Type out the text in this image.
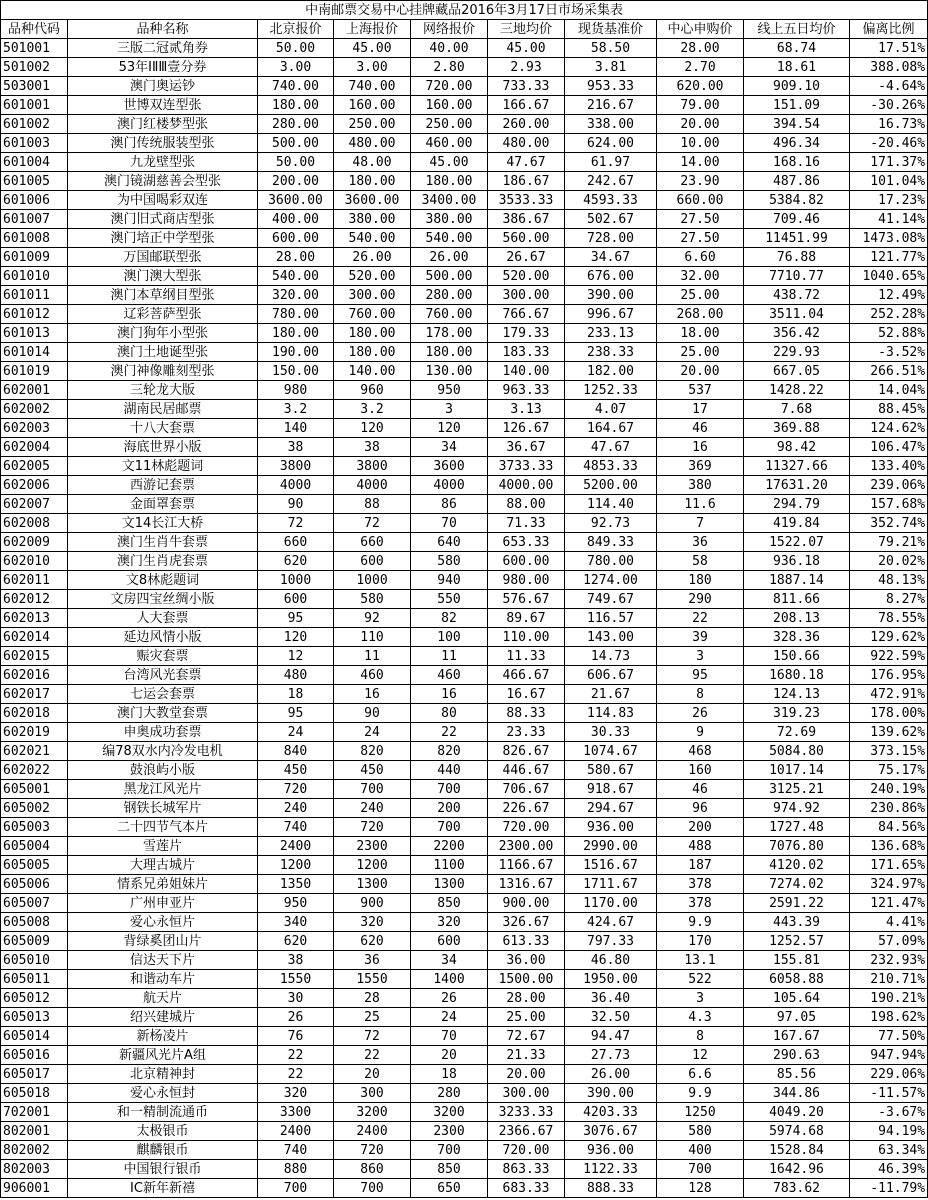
中南邮票交易中心挂牌藏品2016年3月17日市场采集表									
品种代码	品种名称	北京报价	上海报价	网络报价	三地均价	现货基准价	中心申购价	线上五日均价	偏离比例
501001	三版二冠贰角券	50.00	45.00	40.00	45.00	58.50	28.00	68.74	17.51%
501002	53年ⅠⅡⅢ壹分券	3.00	3.00	2.80	2.93	3.81	2.70	18.61	388.08%
503001	澳门奥运钞	740.00	740.00	720.00	733.33	953.33	620.00	909.10	-4.64%
601001	世博双连型张	180.00	160.00	160.00	166.67	216.67	79.00	151.09	-30.26%
601002	澳门红楼梦型张	280.00	250.00	250.00	260.00	338.00	20.00	394.54	16.73%
601003	澳门传统服装型张	500.00	480.00	460.00	480.00	624.00	10.00	496.34	-20.46%
601004	九龙壁型张	50.00	48.00	45.00	47.67	61.97	14.00	168.16	171.37%
601005	澳门镜湖慈善会型张	200.00	180.00	180.00	186.67	242.67	23.90	487.86	101.04%
601006	为中国喝彩双连	3600.00	3600.00	3400.00	3533.33	4593.33	660.00	5384.82	17.23%
601007	澳门旧式商店型张	400.00	380.00	380.00	386.67	502.67	27.50	709.46	41.14%
601008	澳门培正中学型张	600.00	540.00	540.00	560.00	728.00	27.50	11451.99	1473.08%
601009	万国邮联型张	28.00	26.00	26.00	26.67	34.67	6.60	76.88	121.77%
601010	澳门澳大型张	540.00	520.00	500.00	520.00	676.00	32.00	7710.77	1040.65%
601011	澳门本草纲目型张	320.00	300.00	280.00	300.00	390.00	25.00	438.72	12.49%
601012	辽彩菩萨型张	780.00	760.00	760.00	766.67	996.67	268.00	3511.04	252.28%
601013	澳门狗年小型张	180.00	180.00	178.00	179.33	233.13	18.00	356.42	52.88%
601014	澳门土地诞型张	190.00	180.00	180.00	183.33	238.33	25.00	229.93	-3.52%
601019	澳门神像雕刻型张	150.00	140.00	130.00	140.00	182.00	20.00	667.05	266.51%
602001	三轮龙大版	980	960	950	963.33	1252.33	537	1428.22	14.04%
602002	湖南民居邮票	3.2	3.2	3	3.13	4.07	17	7.68	88.45%
602003	十八大套票	140	120	120	126.67	164.67	46	369.88	124.62%
602004	海底世界小版	38	38	34	36.67	47.67	16	98.42	106.47%
602005	文11林彪题词	3800	3800	3600	3733.33	4853.33	369	11327.66	133.40%
602006	西游记套票	4000	4000	4000	4000.00	5200.00	380	17631.20	239.06%
602007	金面罩套票	90	88	86	88.00	114.40	11.6	294.79	157.68%
602008	文14长江大桥	72	72	70	71.33	92.73	7	419.84	352.74%
602009	澳门生肖牛套票	660	660	640	653.33	849.33	36	1522.07	79.21%
602010	澳门生肖虎套票	620	600	580	600.00	780.00	58	936.18	20.02%
602011	文8林彪题词	1000	1000	940	980.00	1274.00	180	1887.14	48.13%
602012	文房四宝丝绸小版	600	580	550	576.67	749.67	290	811.66	8.27%
602013	人大套票	95	92	82	89.67	116.57	22	208.13	78.55%
602014	延边风情小版	120	110	100	110.00	143.00	39	328.36	129.62%
602015	赈灾套票	12	11	11	11.33	14.73	3	150.66	922.59%
602016	台湾风光套票	480	460	460	466.67	606.67	95	1680.18	176.95%
602017	七运会套票	18	16	16	16.67	21.67	8	124.13	472.91%
602018	澳门大教堂套票	95	90	80	88.33	114.83	26	319.23	178.00%
602019	申奥成功套票	24	24	22	23.33	30.33	9	72.69	139.62%
602021	编78双水内冷发电机	840	820	820	826.67	1074.67	468	5084.80	373.15%
602022	鼓浪屿小版	450	450	440	446.67	580.67	160	1017.14	75.17%
605001	黑龙江风光片	720	700	700	706.67	918.67	46	3125.21	240.19%
605002	钢铁长城军片	240	240	200	226.67	294.67	96	974.92	230.86%
605003	二十四节气本片	740	720	700	720.00	936.00	200	1727.48	84.56%
605004	雪莲片	2400	2300	2200	2300.00	2990.00	488	7076.80	136.68%
605005	大理古城片	1200	1200	1100	1166.67	1516.67	187	4120.02	171.65%
605006	情系兄弟姐妹片	1350	1300	1300	1316.67	1711.67	378	7274.02	324.97%
605007	广州申亚片	950	900	850	900.00	1170.00	378	2591.22	121.47%
605008	爱心永恒片	340	320	320	326.67	424.67	9.9	443.39	4.41%
605009	背绿奚团山片	620	620	600	613.33	797.33	170	1252.57	57.09%
605010	信达天下片	38	36	34	36.00	46.80	13.1	155.81	232.93%
605011	和谐动车片	1550	1550	1400	1500.00	1950.00	522	6058.88	210.71%
605012	航天片	30	28	26	28.00	36.40	3	105.64	190.21%
605013	绍兴建城片	26	25	24	25.00	32.50	4.3	97.05	198.62%
605014	新杨凌片	76	72	70	72.67	94.47	8	167.67	77.50%
605016	新疆风光片A组	22	22	20	21.33	27.73	12	290.63	947.94%
605017	北京精神封	22	20	18	20.00	26.00	6.6	85.56	229.06%
605018	爱心永恒封	320	300	280	300.00	390.00	9.9	344.86	-11.57%
702001	和一精制流通币	3300	3200	3200	3233.33	4203.33	1250	4049.20	-3.67%
802001	太极银币	2400	2400	2300	2366.67	3076.67	580	5974.68	94.19%
802002	麒麟银币	740	720	700	720.00	936.00	400	1528.84	63.34%
802003	中国银行银币	880	860	850	863.33	1122.33	700	1642.96	46.39%
906001	IC新年新禧	700	700	650	683.33	888.33	128	783.62	-11.79%
